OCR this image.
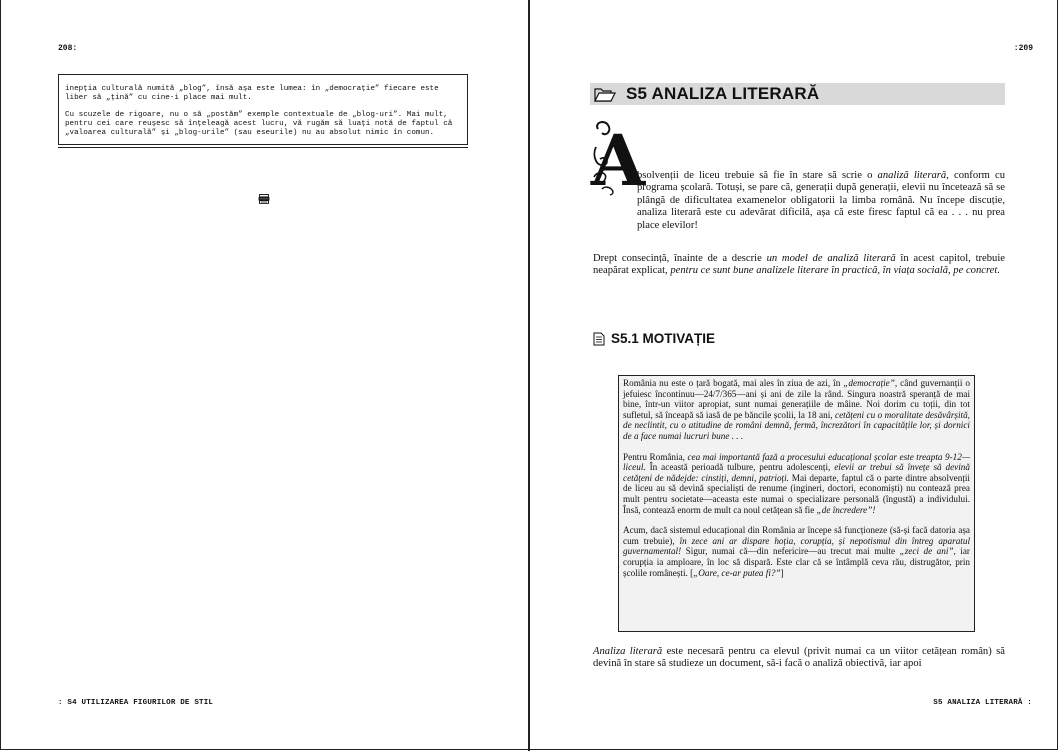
208:

inepția culturală numită „blog”, însă așa este lumea: în „democrație” fiecare este liber să „țină” cu cine-i place mai mult.

Cu scuzele de rigoare, nu o să „postăm” exemple contextuale de „blog-uri”. Mai mult, pentru cei care reușesc să înțeleagă acest lucru, vă rugăm să luați notă de faptul că „valoarea culturală” și „blog-urile” (sau eseurile) nu au absolut nimic în comun.

: S4 UTILIZAREA FIGURILOR DE STIL
:209
S5 ANALIZA LITERARĂ :
S5 ANALIZA LITERARĂ
A
bsolvenții de liceu trebuie să fie în stare să scrie o analiză literară, conform cu programa școlară. Totuși, se pare că, generații după generații, elevii nu încetează să se plângă de dificultatea examenelor obligatorii la limba română. Nu începe discuție, analiza literară este cu adevărat dificilă, așa că este firesc faptul că ea . . . nu prea place elevilor!
Drept consecință, înainte de a descrie un model de analiză literară în acest capitol, trebuie neapărat explicat, pentru ce sunt bune analizele literare în practică, în viața socială, pe concret.
S5.1 MOTIVAȚIE

România nu este o țară bogată, mai ales în ziua de azi, în „democrație”, când guvernanții o jefuiesc încontinuu—24/7/365—ani și ani de zile la rând. Singura noastră speranță de mai bine, într-un viitor apropiat, sunt numai generațiile de mâine. Noi dorim cu toții, din tot sufletul, să înceapă să iasă de pe băncile școlii, la 18 ani, cetățeni cu o moralitate desăvârșită, de neclintit, cu o atitudine de români demnă, fermă, încrezători în capacitățile lor, și dornici de a face numai lucruri bune . . .

Pentru România, cea mai importantă fază a procesului educațional școlar este treapta 9-12—liceul. În această perioadă tulbure, pentru adolescenți, elevii ar trebui să învețe să devină cetățeni de nădejde: cinstiți, demni, patrioți. Mai departe, faptul că o parte dintre absolvenții de liceu au să devină specialiști de renume (ingineri, doctori, economiști) nu contează prea mult pentru societate—aceasta este numai o specializare personală (îngustă) a individului. Însă, contează enorm de mult ca noul cetățean să fie „de încredere”!

Acum, dacă sistemul educațional din România ar începe să funcționeze (să-și facă datoria așa cum trebuie), în zece ani ar dispare hoția, corupția, și nepotismul din întreg aparatul guvernamental! Sigur, numai că—din nefericire—au trecut mai multe „zeci de ani”, iar corupția ia amploare, în loc să dispară. Este clar că se întâmplă ceva rău, distrugător, prin școlile românești. [„Oare, ce-ar putea fi?”]

Analiza literară este necesară pentru ca elevul (privit numai ca un viitor cetățean român) să devină în stare să studieze un document, să-i facă o analiză obiectivă, iar apoi
